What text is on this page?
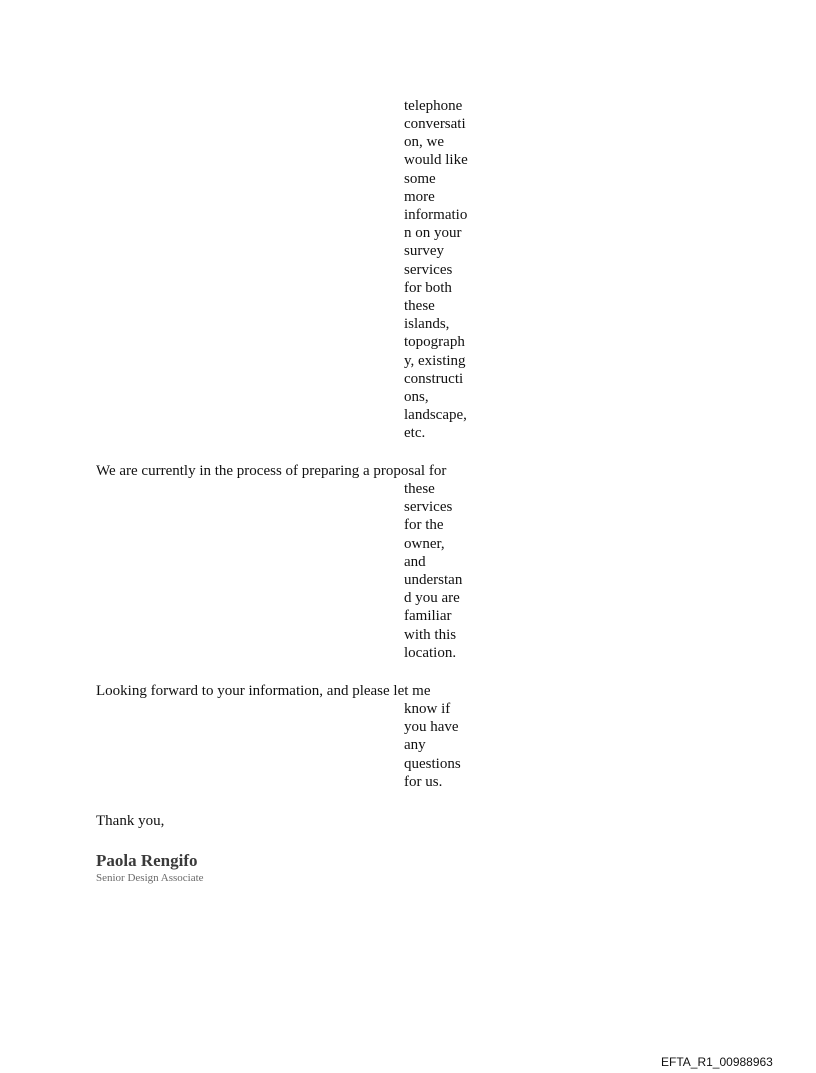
telephone
conversati
on, we
would like
some
more
informatio
n on your
survey
services
for both
these
islands,
topograph
y, existing
constructi
ons,
landscape,
etc.
We are currently in the process of preparing a proposal for
these
services
for the
owner,
and
understan
d you are
familiar
with this
location.
Looking forward to your information, and please let me
know if
you have
any
questions
for us.
Thank you,
Paola Rengifo
Senior Design Associate
EFTA_R1_00988963
